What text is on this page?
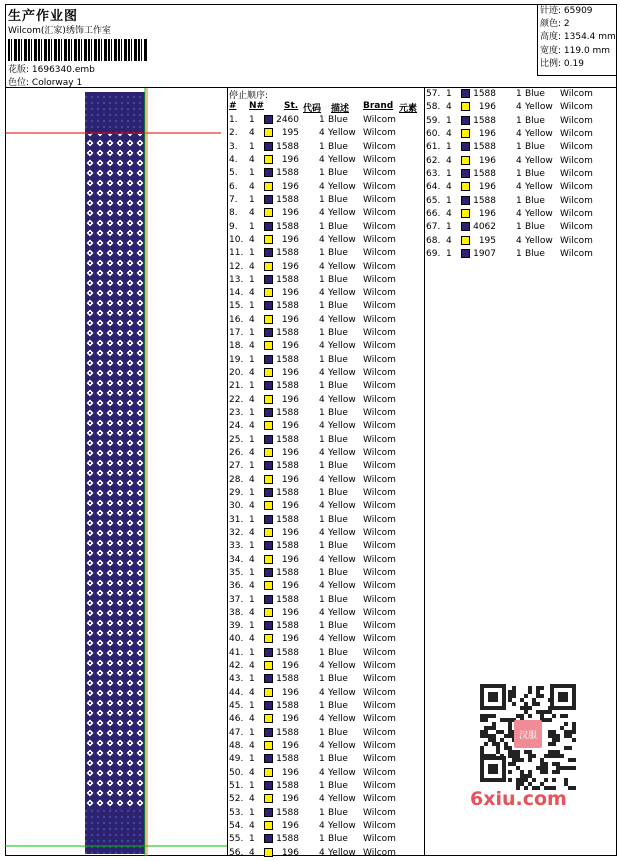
生产作业图
Wilcom(汇家)绣饰工作室
花版: 1696340.emb
色位: Colorway 1
针迹: 65909
颜色: 2
高度: 1354.4 mm
宽度: 119.0 mm
比例: 0.19
停止顺序:
# N# St. 代码 描述 Brand 元素
1. 1	2460 1 Blue Wilcom
2. 4	195 4 Yellow Wilcom
3. 1	1588 1 Blue Wilcom
4. 4	196 4 Yellow Wilcom
5. 1	1588 1 Blue Wilcom
6. 4	196 4 Yellow Wilcom
7. 1	1588 1 Blue Wilcom
8. 4	196 4 Yellow Wilcom
9. 1	1588 1 Blue Wilcom
10. 4	196 4 Yellow Wilcom
11. 1	1588 1 Blue Wilcom
12. 4	196 4 Yellow Wilcom
13. 1	1588 1 Blue Wilcom
14. 4	196 4 Yellow Wilcom
15. 1	1588 1 Blue Wilcom
16. 4	196 4 Yellow Wilcom
17. 1	1588 1 Blue Wilcom
18. 4	196 4 Yellow Wilcom
19. 1	1588 1 Blue Wilcom
20. 4	196 4 Yellow Wilcom
21. 1	1588 1 Blue Wilcom
22. 4	196 4 Yellow Wilcom
23. 1	1588 1 Blue Wilcom
24. 4	196 4 Yellow Wilcom
25. 1	1588 1 Blue Wilcom
26. 4	196 4 Yellow Wilcom
27. 1	1588 1 Blue Wilcom
28. 4	196 4 Yellow Wilcom
29. 1	1588 1 Blue Wilcom
30. 4	196 4 Yellow Wilcom
31. 1	1588 1 Blue Wilcom
32. 4	196 4 Yellow Wilcom
33. 1	1588 1 Blue Wilcom
34. 4	196 4 Yellow Wilcom
35. 1	1588 1 Blue Wilcom
36. 4	196 4 Yellow Wilcom
37. 1	1588 1 Blue Wilcom
38. 4	196 4 Yellow Wilcom
39. 1	1588 1 Blue Wilcom
40. 4	196 4 Yellow Wilcom
41. 1	1588 1 Blue Wilcom
42. 4	196 4 Yellow Wilcom
43. 1	1588 1 Blue Wilcom
44. 4	196 4 Yellow Wilcom
45. 1	1588 1 Blue Wilcom
46. 4	196 4 Yellow Wilcom
47. 1	1588 1 Blue Wilcom
48. 4	196 4 Yellow Wilcom
49. 1	1588 1 Blue Wilcom
50. 4	196 4 Yellow Wilcom
51. 1	1588 1 Blue Wilcom
52. 4	196 4 Yellow Wilcom
53. 1	1588 1 Blue Wilcom
54. 4	196 4 Yellow Wilcom
55. 1	1588 1 Blue Wilcom
56. 4	196 4 Yellow Wilcom
57. 1	1588 1 Blue Wilcom
58. 4	196 4 Yellow Wilcom
59. 1	1588 1 Blue Wilcom
60. 4	196 4 Yellow Wilcom
61. 1	1588 1 Blue Wilcom
62. 4	196 4 Yellow Wilcom
63. 1	1588 1 Blue Wilcom
64. 4	196 4 Yellow Wilcom
65. 1	1588 1 Blue Wilcom
66. 4	196 4 Yellow Wilcom
67. 1	4062 1 Blue Wilcom
68. 4	195 4 Yellow Wilcom
69. 1	1907 1 Blue Wilcom
汉服
6xiu.com
